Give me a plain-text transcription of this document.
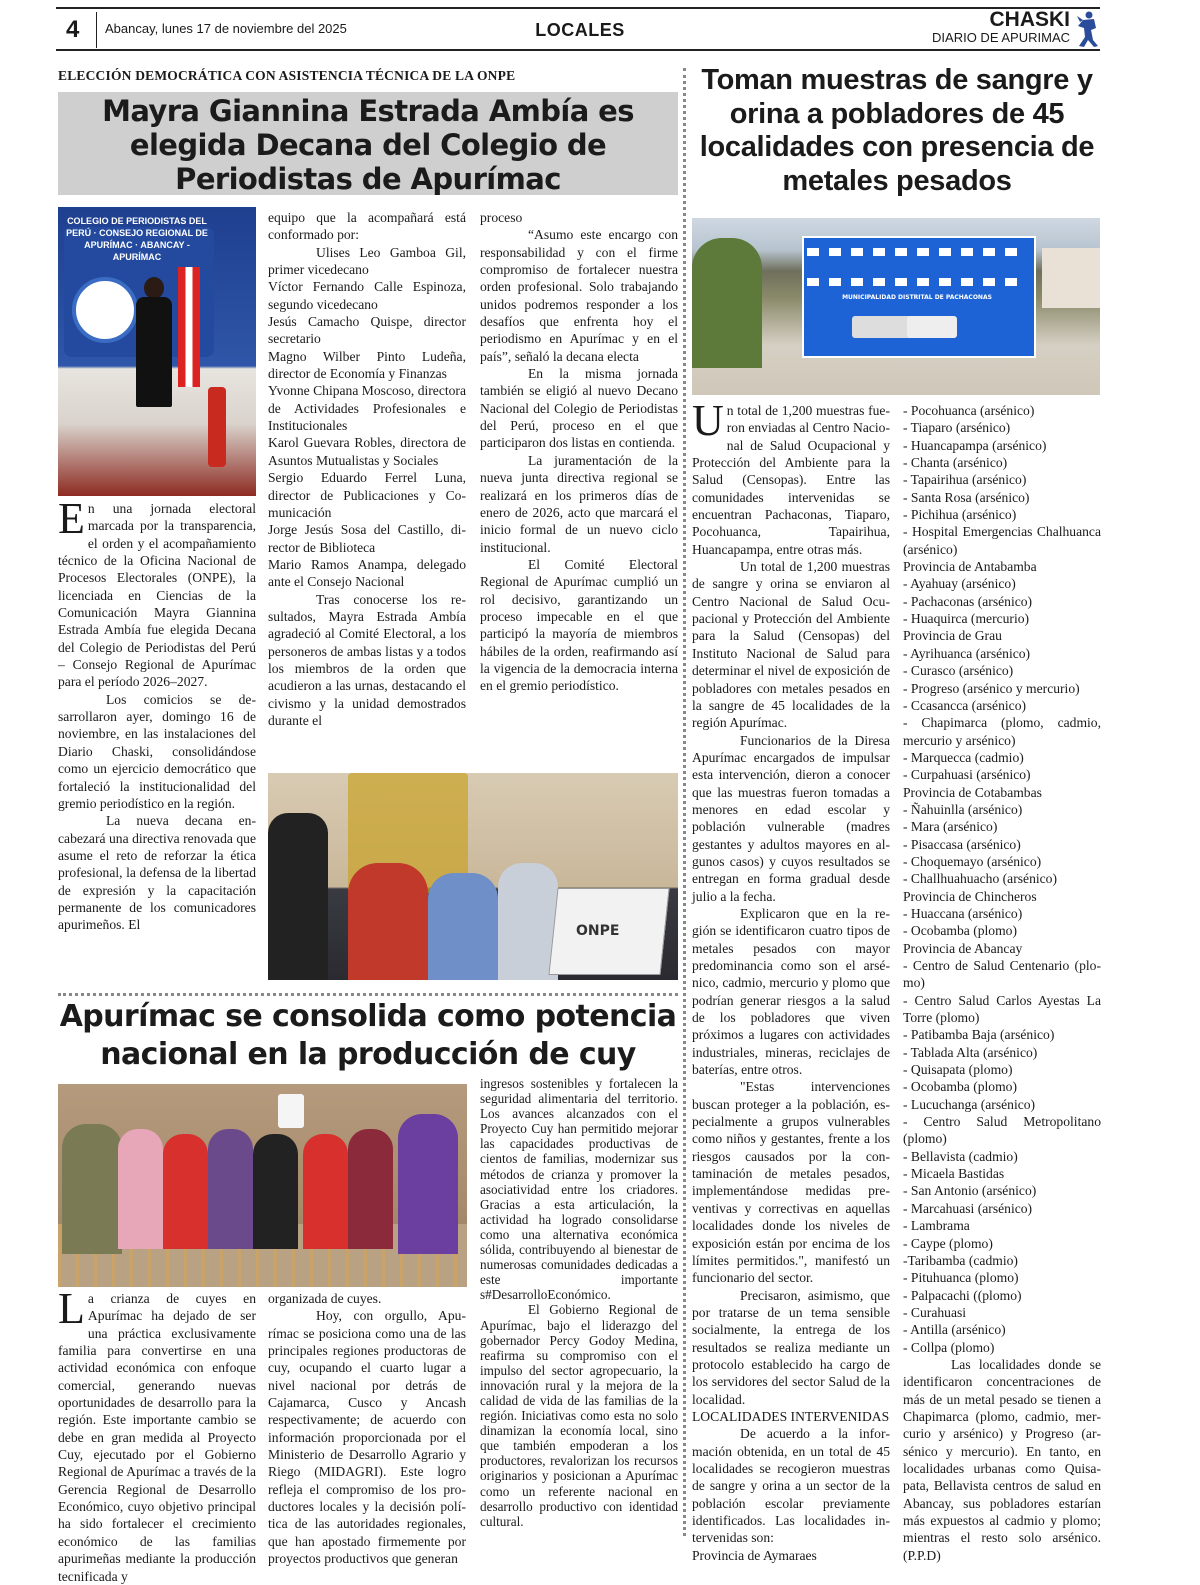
4 Abancay, lunes 17 de noviembre del 2025	LOCALES	CHASKI
DIARIO DE APURIMAC
ELECCIÓN DEMOCRÁTICA CON ASISTENCIA TÉCNICA DE LA ONPE
Mayra Giannina Estrada Ambía es elegida Decana del Colegio de Periodistas de Apurímac
COLEGIO DE PERIODISTAS DEL PERÚ · CONSEJO REGIONAL DE APURÍMAC · ABANCAY - APURÍMAC
ONPE

En una jornada electoral marcada por la transparencia, el orden y el acompañamiento técnico de la Oficina Nacional de Procesos Electorales (ONPE), la licenciada en Ciencias de la Comunicación Mayra Giannina Estrada Ambía fue elegida Decana del Colegio de Periodistas del Perú – Consejo Regional de Apurímac para el período 2026–2027.

Los comicios se desarrollaron ayer, domingo 16 de noviembre, en las instalaciones del Diario Chaski, consolidándose como un ejercicio democrático que fortaleció la institucionalidad del gremio periodístico en la región.

La nueva decana encabezará una directiva renovada que asume el reto de reforzar la ética profesional, la defensa de la libertad de expresión y la capacitación permanente de los comunicadores apurimeños. El

equipo que la acompañará está conformado por:

Ulises Leo Gamboa Gil, primer vicedecano

Víctor Fernando Calle Espinoza, segundo vicedecano

Jesús Camacho Quispe, director secretario

Magno Wilber Pinto Ludeña, director de Economía y Finanzas

Yvonne Chipana Moscoso, directora de Actividades Profesionales e Institucionales

Karol Guevara Robles, directora de Asuntos Mutualistas y Sociales

Sergio Eduardo Ferrel Luna, director de Publicaciones y Comunicación

Jorge Jesús Sosa del Castillo, director de Biblioteca

Mario Ramos Anampa, delegado ante el Consejo Nacional

Tras conocerse los resultados, Mayra Estrada Ambía agradeció al Comité Electoral, a los personeros de ambas listas y a todos los miembros de la orden que acudieron a las urnas, destacando el civismo y la unidad demostrados durante el

proceso

“Asumo este encargo con responsabilidad y con el firme compromiso de fortalecer nuestra orden profesional. Solo trabajando unidos podremos responder a los desafíos que enfrenta hoy el periodismo en Apurímac y en el país”, señaló la decana electa

En la misma jornada también se eligió al nuevo Decano Nacional del Colegio de Periodistas del Perú, proceso en el que participaron dos listas en contienda.

La juramentación de la nueva junta directiva regional se realizará en los primeros días de enero de 2026, acto que marcará el inicio formal de un nuevo ciclo institucional.

El Comité Electoral Regional de Apurímac cumplió un rol decisivo, garantizando un proceso impecable en el que participó la mayoría de miembros hábiles de la orden, reafirmando así la vigencia de la democracia interna en el gremio periodístico.

Apurímac se consolida como potencia nacional en la producción de cuy

La crianza de cuyes en Apurímac ha dejado de ser una práctica exclusivamente familia para convertirse en una actividad económica con enfoque comercial, generando nuevas oportunidades de desarrollo para la región. Este importante cambio se debe en gran medida al Proyecto Cuy, ejecutado por el Gobierno Regional de Apurímac a través de la Gerencia Regional de Desarrollo Económico, cuyo objetivo principal ha sido fortalecer el crecimiento económico de las familias apurimeñas mediante la producción tecnificada y

organizada de cuyes.

Hoy, con orgullo, Apurímac se posiciona como una de las principales regiones productoras de cuy, ocupando el cuarto lugar a nivel nacional por detrás de Cajamarca, Cusco y Ancash respectivamente; de acuerdo con información proporcionada por el Ministerio de Desarrollo Agrario y Riego (MIDAGRI). Este logro refleja el compromiso de los productores locales y la decisión política de las autoridades regionales, que han apostado firmemente por proyectos productivos que generan

ingresos sostenibles y fortalecen la seguridad alimentaria del territorio. Los avances alcanzados con el Proyecto Cuy han permitido mejorar las capacidades productivas de cientos de familias, modernizar sus métodos de crianza y promover la asociatividad entre los criadores. Gracias a esta articulación, la actividad ha logrado consolidarse como una alternativa económica sólida, contribuyendo al bienestar de numerosas comunidades dedicadas a este importante s#DesarrolloEconómico.

El Gobierno Regional de Apurímac, bajo el liderazgo del gobernador Percy Godoy Medina, reafirma su compromiso con el impulso del sector agropecuario, la innovación rural y la mejora de la calidad de vida de las familias de la región. Iniciativas como esta no solo dinamizan la economía local, sino que también empoderan a los productores, revalorizan los recursos originarios y posicionan a Apurímac como un referente nacional en desarrollo productivo con identidad cultural.

MUNICIPALIDAD DISTRITAL DE PACHACONAS
Toman muestras de sangre y orina a pobladores de 45 localidades con presencia de metales pesados

Un total de 1,200 muestras fueron enviadas al Centro Nacional de Salud Ocupacional y Protección del Ambiente para la Salud (Censopas). Entre las comunidades intervenidas se encuentran Pachaconas, Tiaparo, Pocohuanca, Tapairihua, Huancapampa, entre otras más.

Un total de 1,200 muestras de sangre y orina se enviaron al Centro Nacional de Salud Ocupacional y Protección del Ambiente para la Salud (Censopas) del Instituto Nacional de Salud para determinar el nivel de exposición de pobladores con metales pesados en la sangre de 45 localidades de la región Apurímac.

Funcionarios de la Diresa Apurímac encargados de impulsar esta intervención, dieron a conocer que las muestras fueron tomadas a menores en edad escolar y población vulnerable (madres gestantes y adultos mayores en algunos casos) y cuyos resultados se entregan en forma gradual desde julio a la fecha.

Explicaron que en la región se identificaron cuatro tipos de metales pesados con mayor predominancia como son el arsénico, cadmio, mercurio y plomo que podrían generar riesgos a la salud de los pobladores que viven próximos a lugares con actividades industriales, mineras, reciclajes de baterías, entre otros.

"Estas intervenciones buscan proteger a la población, especialmente a grupos vulnerables como niños y gestantes, frente a los riesgos causados por la contaminación de metales pesados, implementándose medidas preventivas y correctivas en aquellas localidades donde los niveles de exposición están por encima de los límites permitidos.", manifestó un funcionario del sector.

Precisaron, asimismo, que por tratarse de un tema sensible socialmente, la entrega de los resultados se realiza mediante un protocolo establecido ha cargo de los servidores del sector Salud de la localidad.

LOCALIDADES INTERVENIDAS

De acuerdo a la información obtenida, en un total de 45 localidades se recogieron muestras de sangre y orina a un sector de la población escolar previamente identificados. Las localidades intervenidas son:

Provincia de Aymaraes

- Pocohuanca (arsénico)

- Tiaparo (arsénico)

- Huancapampa (arsénico)

- Chanta (arsénico)

- Tapairihua (arsénico)

- Santa Rosa (arsénico)

- Pichihua (arsénico)

- Hospital Emergencias Chalhuanca (arsénico)

Provincia de Antabamba

- Ayahuay (arsénico)

- Pachaconas (arsénico)

- Huaquirca (mercurio)

Provincia de Grau

- Ayrihuanca (arsénico)

- Curasco (arsénico)

- Progreso (arsénico y mercurio)

- Ccasancca (arsénico)

- Chapimarca (plomo, cadmio, mercurio y arsénico)

- Marquecca (cadmio)

- Curpahuasi (arsénico)

Provincia de Cotabambas

- Ñahuinlla (arsénico)

- Mara (arsénico)

- Pisaccasa (arsénico)

- Choquemayo (arsénico)

- Challhuahuacho (arsénico)

Provincia de Chincheros

- Huaccana (arsénico)

- Ocobamba (plomo)

Provincia de Abancay

- Centro de Salud Centenario (plomo)

- Centro Salud Carlos Ayestas La Torre (plomo)

- Patibamba Baja (arsénico)

- Tablada Alta (arsénico)

- Quisapata (plomo)

- Ocobamba (plomo)

- Lucuchanga (arsénico)

- Centro Salud Metropolitano (plomo)

- Bellavista (cadmio)

- Micaela Bastidas

- San Antonio (arsénico)

- Marcahuasi (arsénico)

- Lambrama

- Caype (plomo)

-Taribamba (cadmio)

- Pituhuanca (plomo)

- Palpacachi ((plomo)

- Curahuasi

- Antilla (arsénico)

- Collpa (plomo)

Las localidades donde se identificaron concentraciones de más de un metal pesado se tienen a Chapimarca (plomo, cadmio, mercurio y arsénico) y Progreso (arsénico y mercurio). En tanto, en localidades urbanas como Quisapata, Bellavista centros de salud en Abancay, sus pobladores estarían más expuestos al cadmio y plomo; mientras el resto solo arsénico. (P.P.D)
